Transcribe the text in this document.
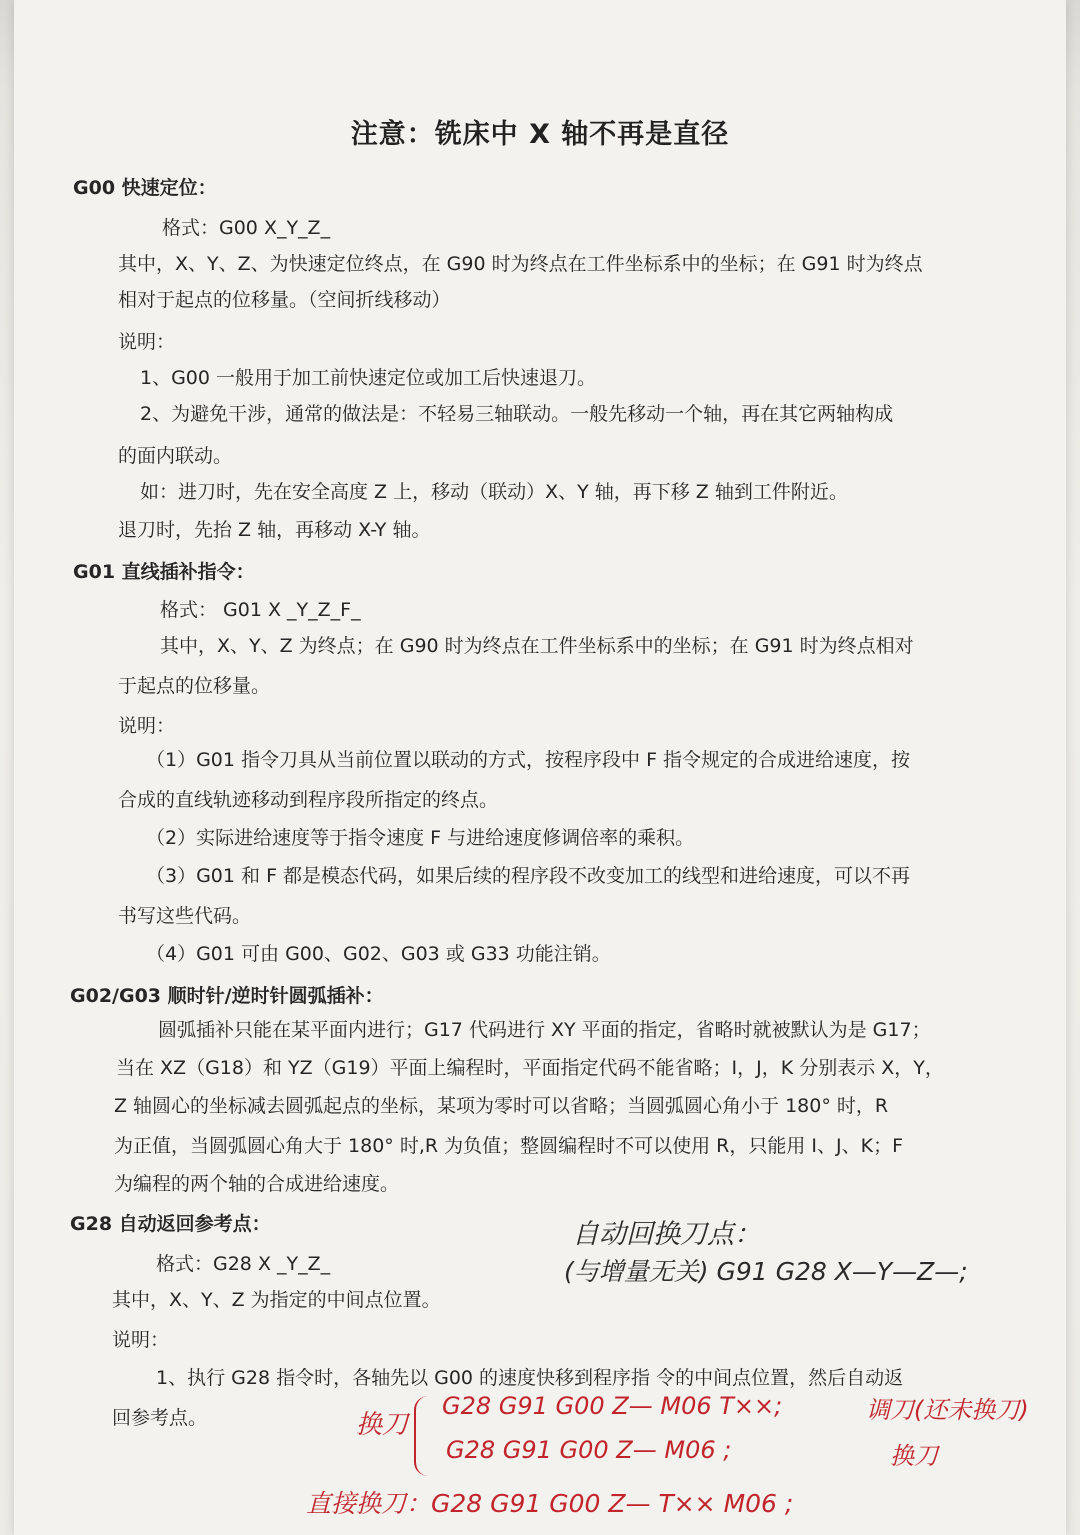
注意：铣床中 X 轴不再是直径
G00 快速定位：
格式：G00 X_Y_Z_
其中，X、Y、Z、为快速定位终点，在 G90 时为终点在工件坐标系中的坐标；在 G91 时为终点
相对于起点的位移量。（空间折线移动）
说明：
1、G00 一般用于加工前快速定位或加工后快速退刀。
2、为避免干涉，通常的做法是：不轻易三轴联动。一般先移动一个轴，再在其它两轴构成
的面内联动。
如：进刀时，先在安全高度 Z 上，移动（联动）X、Y 轴，再下移 Z 轴到工件附近。
退刀时，先抬 Z 轴，再移动 X-Y 轴。
G01 直线插补指令：
格式： G01 X _Y_Z_F_
其中，X、Y、Z 为终点；在 G90 时为终点在工件坐标系中的坐标；在 G91 时为终点相对
于起点的位移量。
说明：
（1）G01 指令刀具从当前位置以联动的方式，按程序段中 F 指令规定的合成进给速度，按
合成的直线轨迹移动到程序段所指定的终点。
（2）实际进给速度等于指令速度 F 与进给速度修调倍率的乘积。
（3）G01 和 F 都是模态代码，如果后续的程序段不改变加工的线型和进给速度，可以不再
书写这些代码。
（4）G01 可由 G00、G02、G03 或 G33 功能注销。
G02/G03 顺时针/逆时针圆弧插补：
圆弧插补只能在某平面内进行；G17 代码进行 XY 平面的指定，省略时就被默认为是 G17；
当在 XZ（G18）和 YZ（G19）平面上编程时，平面指定代码不能省略；I，J，K 分别表示 X，Y，
Z 轴圆心的坐标减去圆弧起点的坐标，某项为零时可以省略；当圆弧圆心角小于 180° 时，R
为正值，当圆弧圆心角大于 180° 时,R 为负值；整圆编程时不可以使用 R，只能用 I、J、K；F
为编程的两个轴的合成进给速度。
G28 自动返回参考点：
格式：G28 X _Y_Z_
其中，X、Y、Z 为指定的中间点位置。
说明：
1、执行 G28 指令时，各轴先以 G00 的速度快移到程序指 令的中间点位置，然后自动返
回参考点。
自动回换刀点：
(与增量无关) G91 G28 X—Y—Z—;
换刀
G28 G91 G00 Z— M06 T××;	调刀(还未换刀)
G28 G91 G00 Z— M06 ;	换刀
直接换刀：G28 G91 G00 Z— T×× M06 ;
